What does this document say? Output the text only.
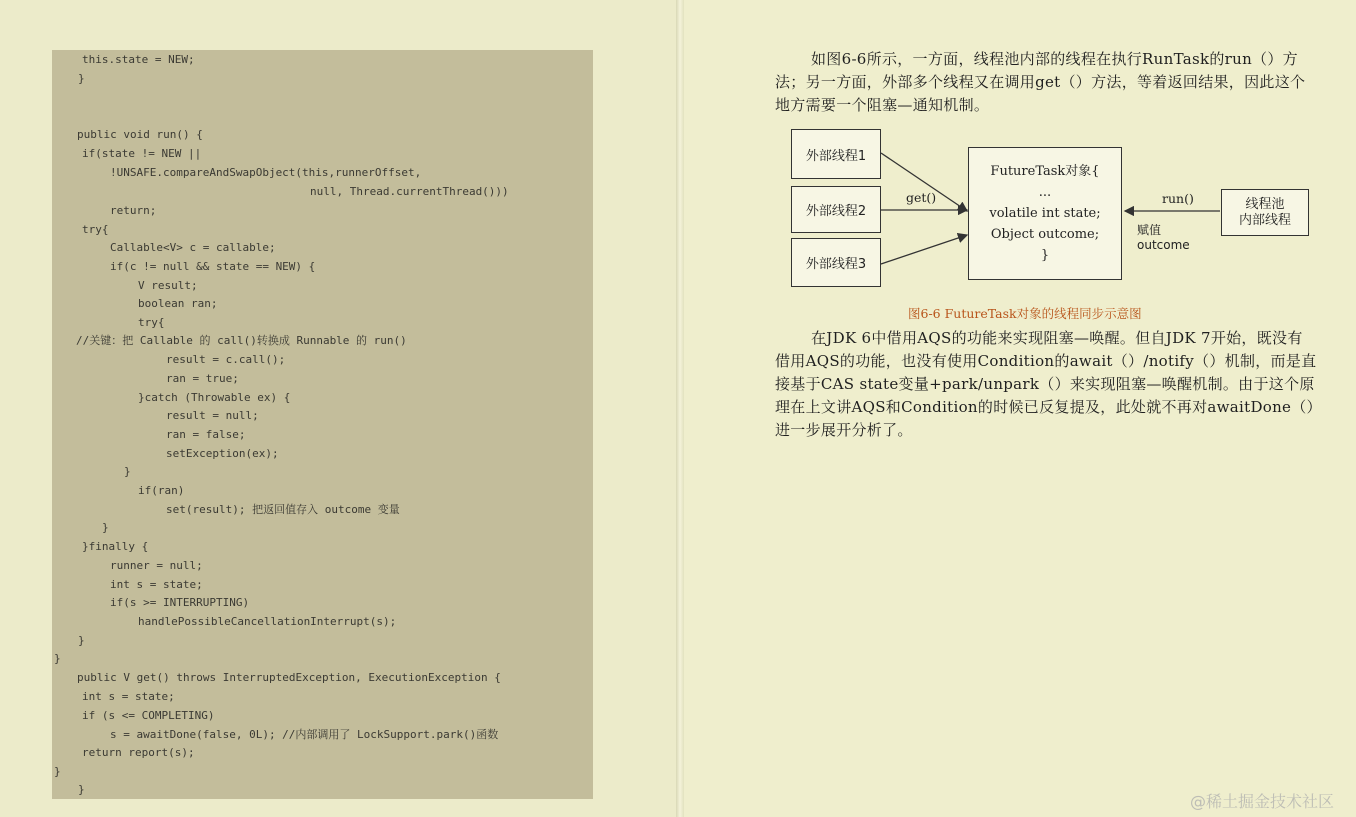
this.state = NEW;
}
public void run() {
if(state != NEW ||
!UNSAFE.compareAndSwapObject(this,runnerOffset,
null, Thread.currentThread()))
return;
try{
Callable<V> c = callable;
if(c != null && state == NEW) {
V result;
boolean ran;
try{
//关键：把 Callable 的 call()转换成 Runnable 的 run()
result = c.call();
ran = true;
}catch (Throwable ex) {
result = null;
ran = false;
setException(ex);
}
if(ran)
set(result); 把返回值存入 outcome 变量
}
}finally {
runner = null;
int s = state;
if(s >= INTERRUPTING)
handlePossibleCancellationInterrupt(s);
}
}
public V get() throws InterruptedException, ExecutionException {
int s = state;
if (s <= COMPLETING)
s = awaitDone(false, 0L); //内部调用了 LockSupport.park()函数
return report(s);
}
}
如图6-6所示，一方面，线程池内部的线程在执行RunTask的run（）方法；另一方面，外部多个线程又在调用get（）方法，等着返回结果，因此这个地方需要一个阻塞—通知机制。
外部线程1
外部线程2
外部线程3
get()
FutureTask对象{
...
volatile int state;
Object outcome;
}
run()
赋值outcome
线程池
内部线程
图6-6 FutureTask对象的线程同步示意图
在JDK 6中借用AQS的功能来实现阻塞—唤醒。但自JDK 7开始，既没有借用AQS的功能，也没有使用Condition的await（）/notify（）机制，而是直接基于CAS state变量+park/unpark（）来实现阻塞—唤醒机制。由于这个原理在上文讲AQS和Condition的时候已反复提及，此处就不再对awaitDone（）进一步展开分析了。
@稀土掘金技术社区
